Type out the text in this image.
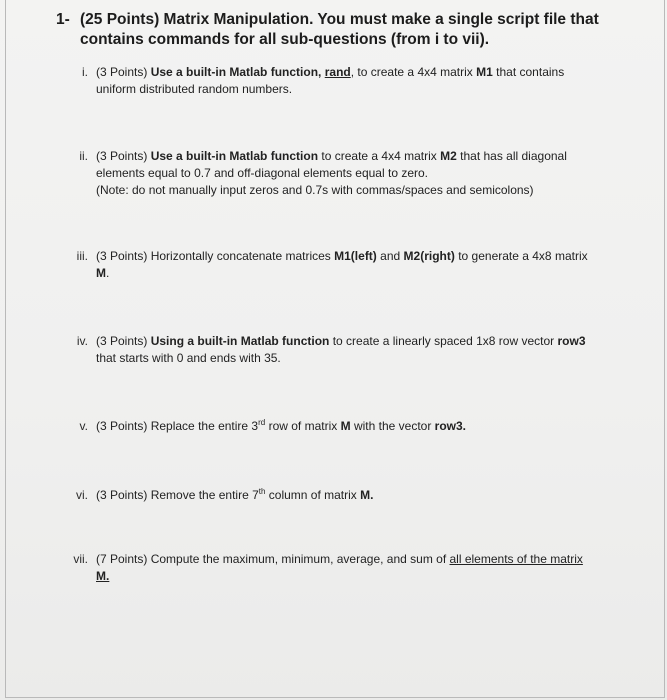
1- (25 Points) Matrix Manipulation. You must make a single script file that contains commands for all sub-questions (from i to vii).
i. (3 Points) Use a built-in Matlab function, rand, to create a 4x4 matrix M1 that contains uniform distributed random numbers.
ii. (3 Points) Use a built-in Matlab function to create a 4x4 matrix M2 that has all diagonal elements equal to 0.7 and off-diagonal elements equal to zero.
(Note: do not manually input zeros and 0.7s with commas/spaces and semicolons)
iii. (3 Points) Horizontally concatenate matrices M1(left) and M2(right) to generate a 4x8 matrix M.
iv. (3 Points) Using a built-in Matlab function to create a linearly spaced 1x8 row vector row3 that starts with 0 and ends with 35.
v. (3 Points) Replace the entire 3rd row of matrix M with the vector row3.
vi. (3 Points) Remove the entire 7th column of matrix M.
vii. (7 Points) Compute the maximum, minimum, average, and sum of all elements of the matrix M.
